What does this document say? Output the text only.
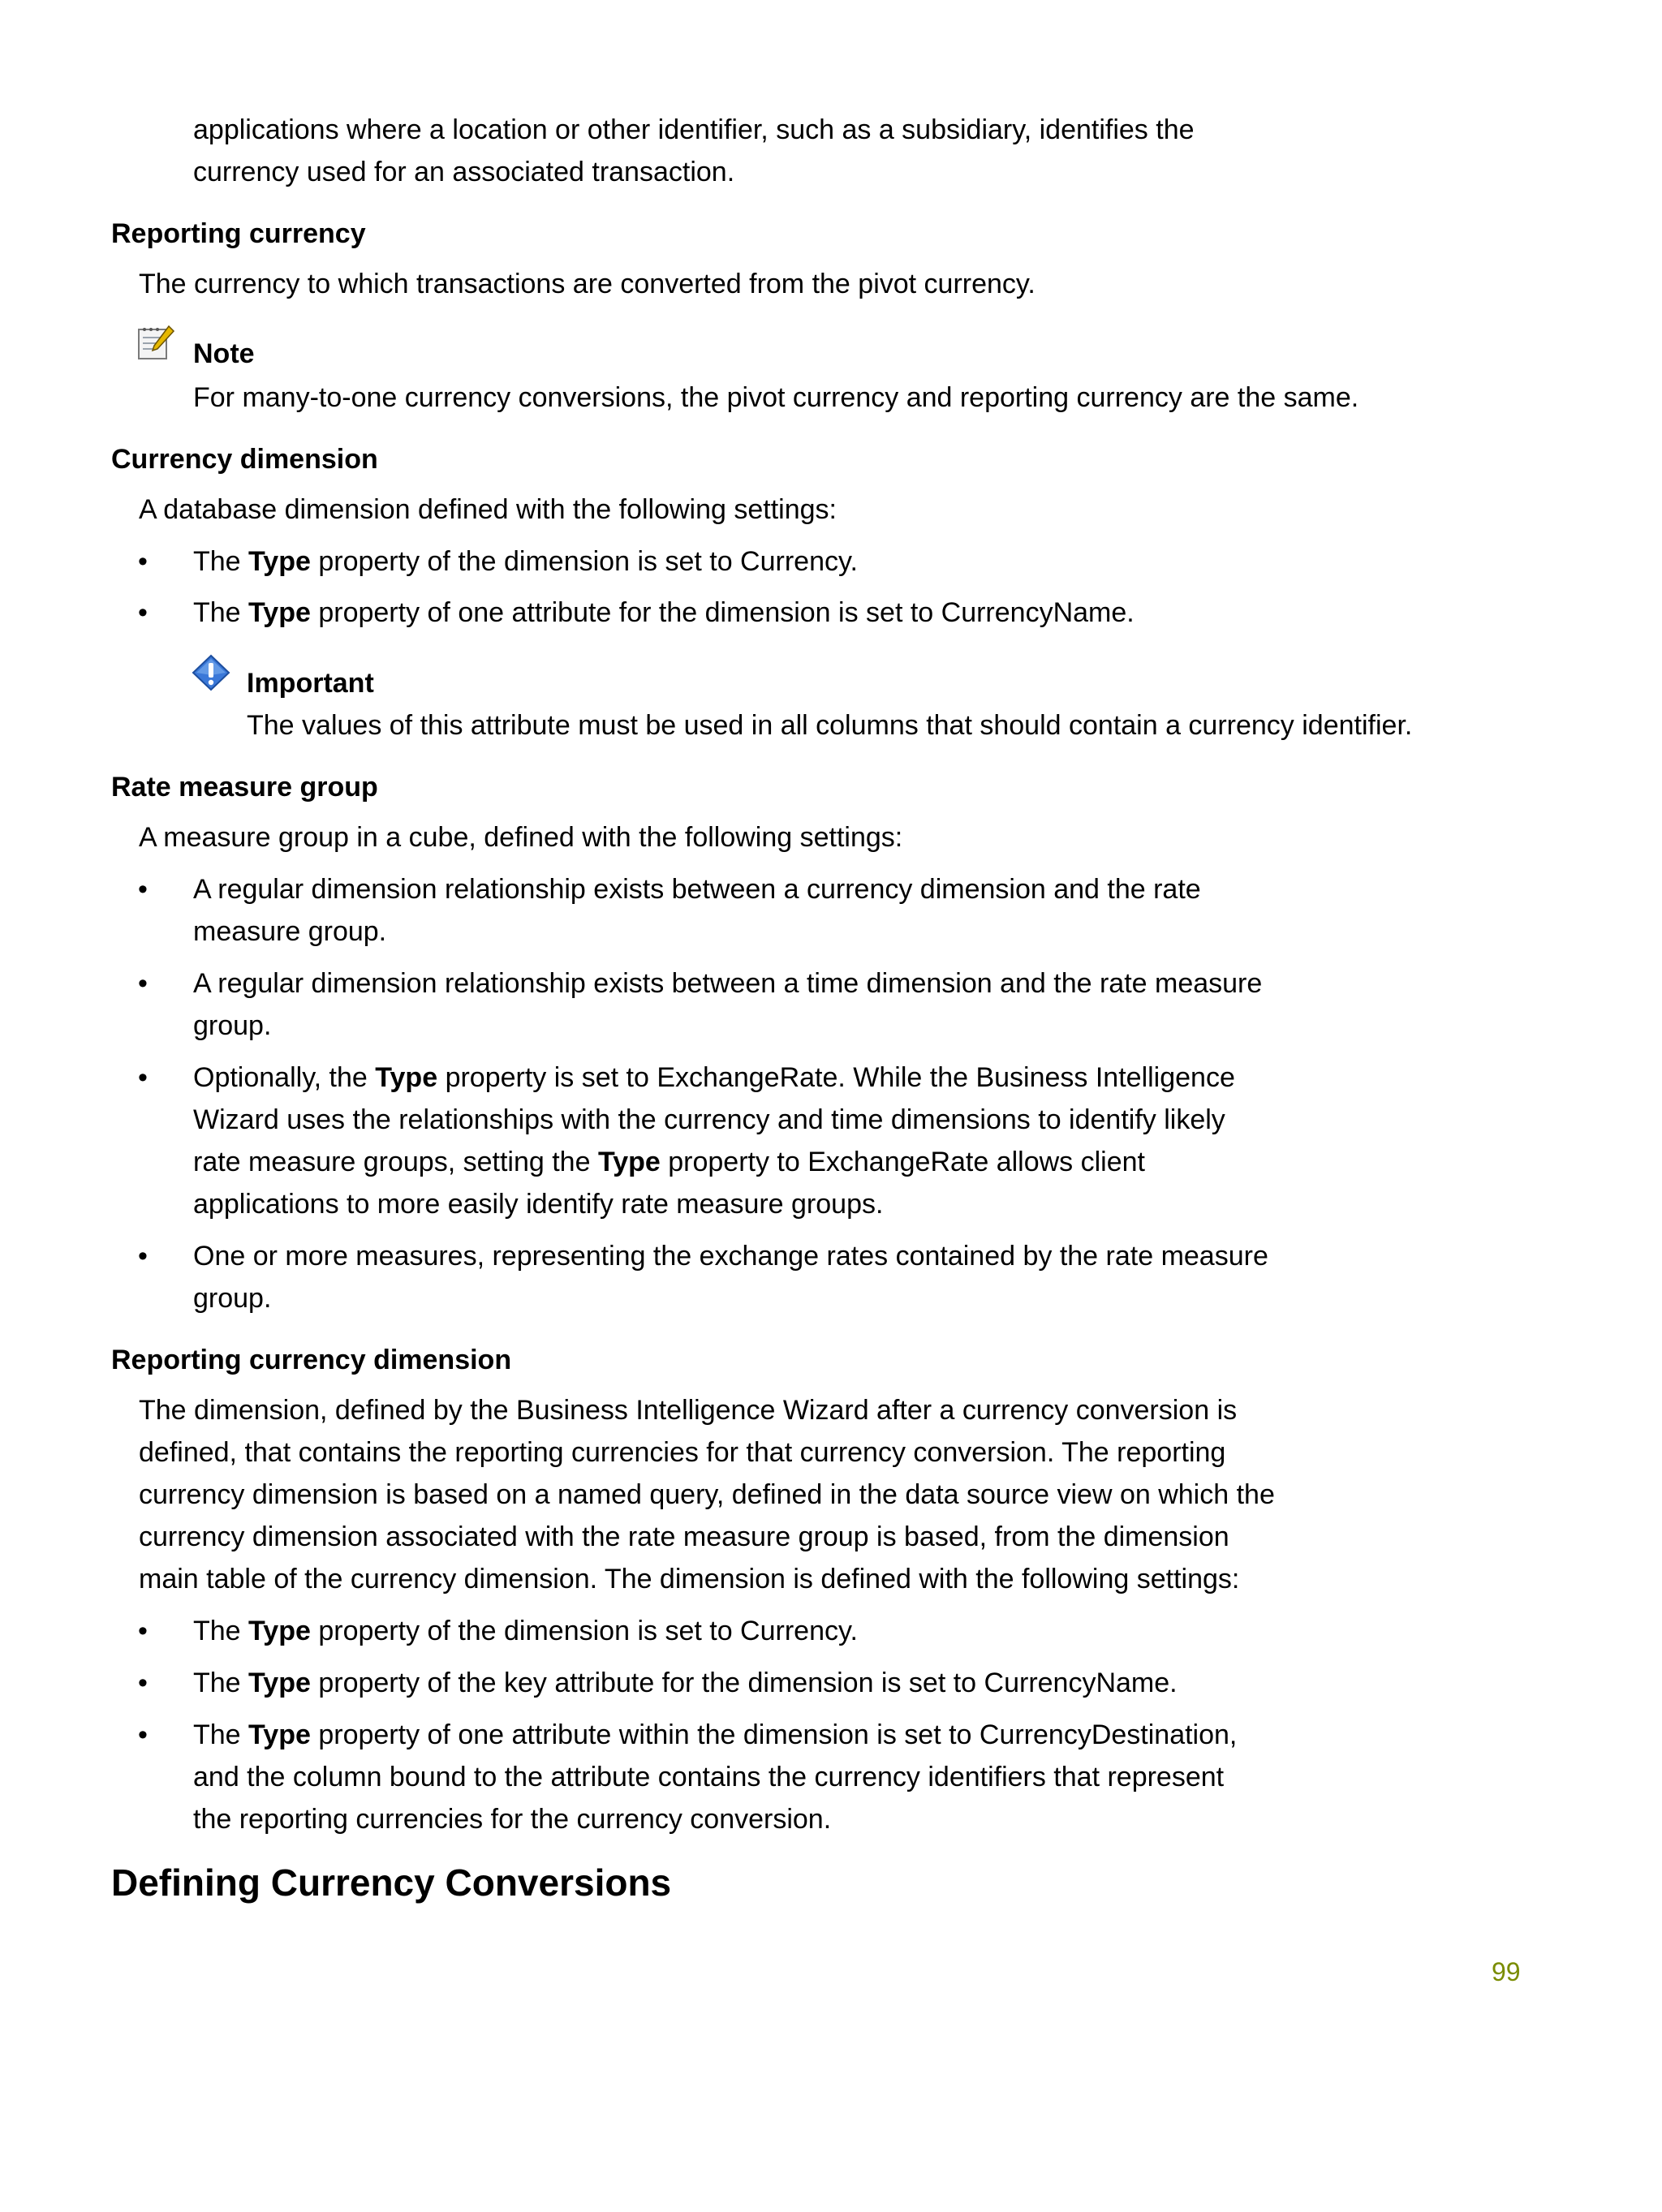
applications where a location or other identifier, such as a subsidiary, identifies the
currency used for an associated transaction.
Reporting currency
The currency to which transactions are converted from the pivot currency.
Note
For many-to-one currency conversions, the pivot currency and reporting currency are the same.
Currency dimension
A database dimension defined with the following settings:
• The Type property of the dimension is set to Currency.
• The Type property of one attribute for the dimension is set to CurrencyName.
Important
The values of this attribute must be used in all columns that should contain a currency identifier.
Rate measure group
A measure group in a cube, defined with the following settings:
• A regular dimension relationship exists between a currency dimension and the rate
measure group.
• A regular dimension relationship exists between a time dimension and the rate measure
group.
• Optionally, the Type property is set to ExchangeRate. While the Business Intelligence
Wizard uses the relationships with the currency and time dimensions to identify likely
rate measure groups, setting the Type property to ExchangeRate allows client
applications to more easily identify rate measure groups.
• One or more measures, representing the exchange rates contained by the rate measure
group.
Reporting currency dimension
The dimension, defined by the Business Intelligence Wizard after a currency conversion is
defined, that contains the reporting currencies for that currency conversion. The reporting
currency dimension is based on a named query, defined in the data source view on which the
currency dimension associated with the rate measure group is based, from the dimension
main table of the currency dimension. The dimension is defined with the following settings:
• The Type property of the dimension is set to Currency.
• The Type property of the key attribute for the dimension is set to CurrencyName.
• The Type property of one attribute within the dimension is set to CurrencyDestination,
and the column bound to the attribute contains the currency identifiers that represent
the reporting currencies for the currency conversion.
Defining Currency Conversions
99
